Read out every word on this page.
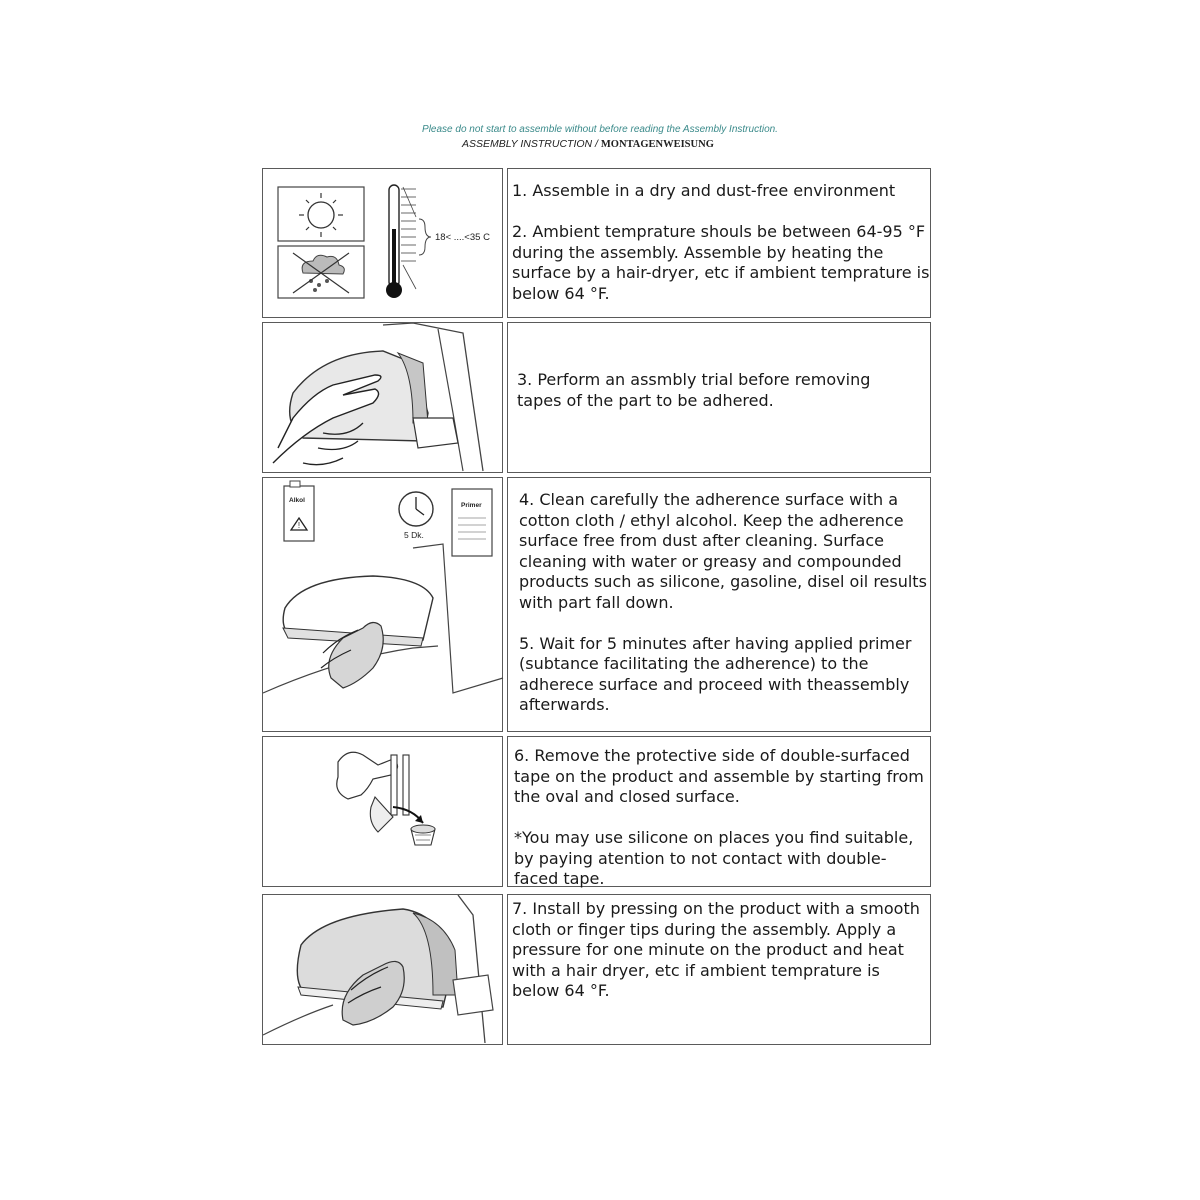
Please do not start to assemble without before reading the Assembly Instruction.
ASSEMBLY INSTRUCTION / MONTAGENWEISUNG
18< ....<35 C

1. Assemble in a dry and dust-free environment

2. Ambient temprature shouls be between 64-95 °F during the assembly. Assemble by heating the surface by a hair-dryer, etc if ambient temprature is below 64 °F.

3. Perform an assmbly trial before removing tapes of the part to be adhered.

!
Alkol
5 Dk.
Primer 4. Clean carefully the adherence surface with a cotton cloth / ethyl alcohol. Keep the adherence surface free from dust after cleaning. Surface cleaning with water or greasy and compounded products such as silicone, gasoline, disel oil results with part fall down.

5. Wait for 5 minutes after having applied primer (subtance facilitating the adherence) to the adherece surface and proceed with theassembly afterwards.

6. Remove the protective side of double-surfaced tape on the product and assemble by starting from the oval and closed surface.

*You may use silicone on places you find suitable, by paying atention to not contact with double-faced tape.

7. Install by pressing on the product with a smooth cloth or finger tips during the assembly. Apply a pressure for one minute on the product and heat with a hair dryer, etc if ambient temprature is below 64 °F.
